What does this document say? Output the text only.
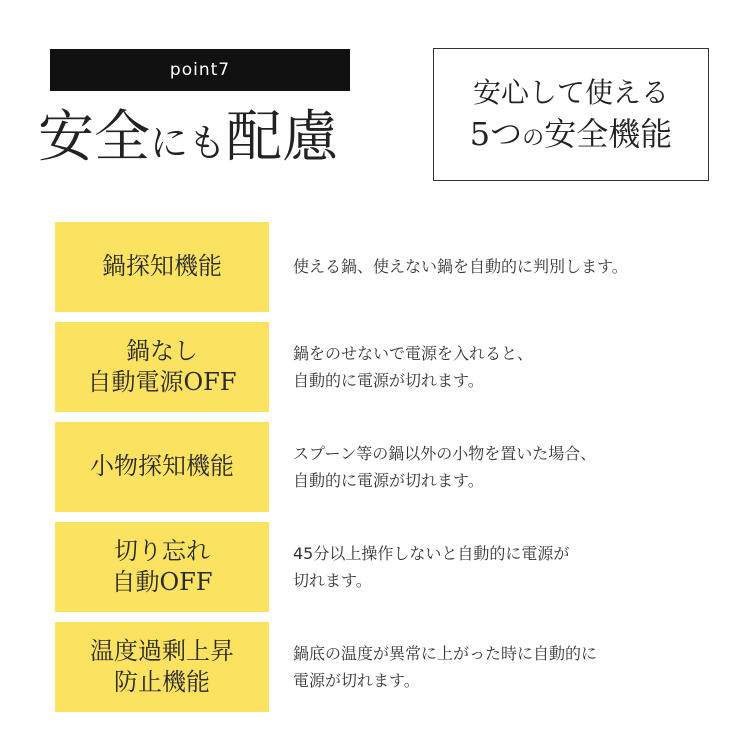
point7
安全 にも 配慮
安心して使える
5つ の 安全機能
鍋探知機能	使える鍋、使えない鍋を自動的に判別します。
鍋なし
自動電源OFF
鍋をのせないで電源を入れると、
自動的に電源が切れます。
小物探知機能	スプーン等の鍋以外の小物を置いた場合、
自動的に電源が切れます。
切り忘れ
自動OFF
45分以上操作しないと自動的に電源が
切れます。
温度過剰上昇
防止機能
鍋底の温度が異常に上がった時に自動的に
電源が切れます。
